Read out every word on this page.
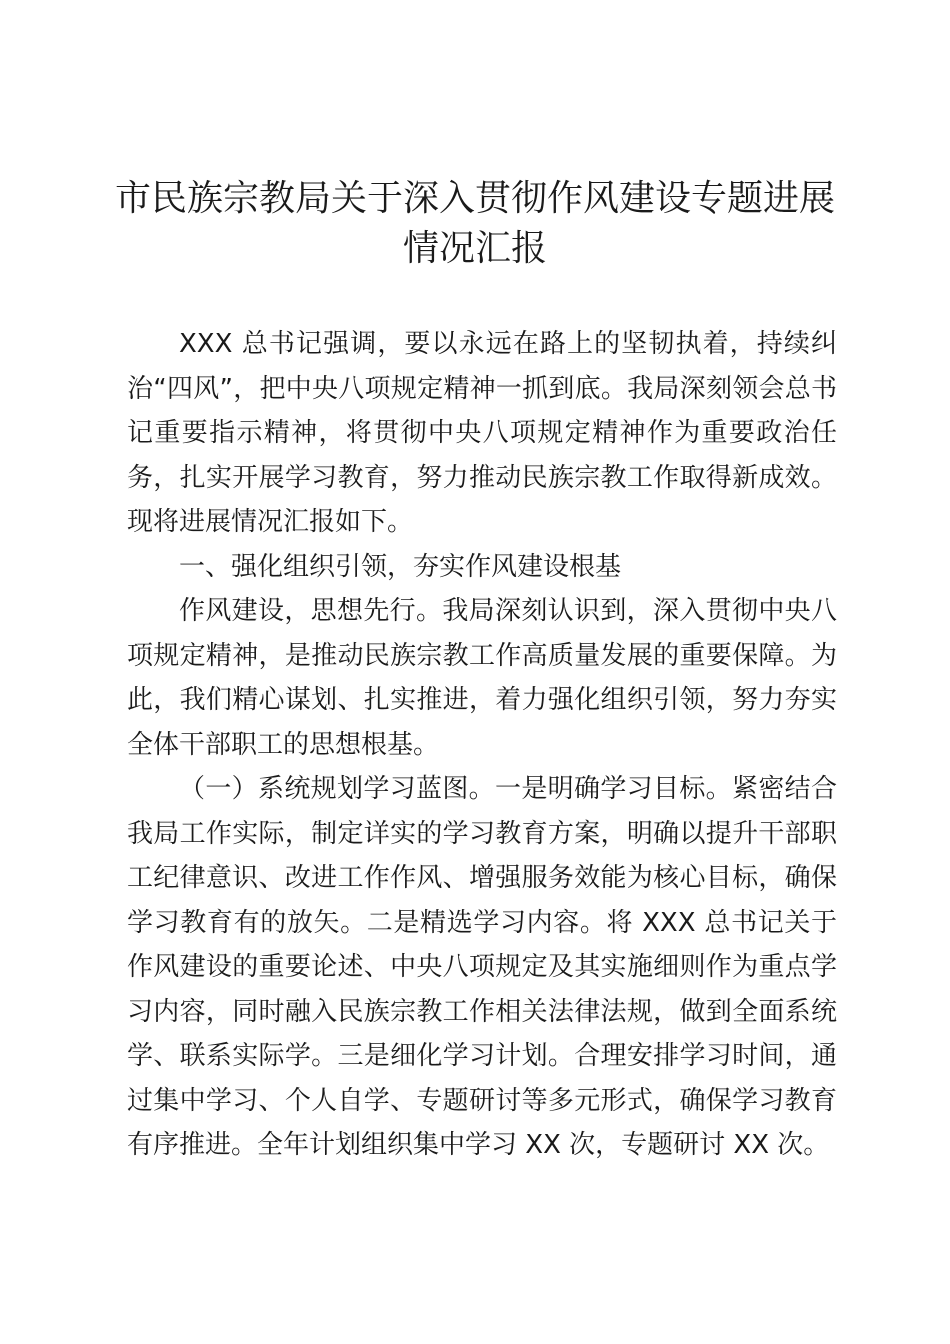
市民族宗教局关于深入贯彻作风建设专题进展
情况汇报

XXX 总书记强调，要以永远在路上的坚韧执着，持续纠治“四风”，把中央八项规定精神一抓到底。我局深刻领会总书记重要指示精神，将贯彻中央八项规定精神作为重要政治任务，扎实开展学习教育，努力推动民族宗教工作取得新成效。现将进展情况汇报如下。

一、强化组织引领，夯实作风建设根基

作风建设，思想先行。我局深刻认识到，深入贯彻中央八项规定精神，是推动民族宗教工作高质量发展的重要保障。为此，我们精心谋划、扎实推进，着力强化组织引领，努力夯实全体干部职工的思想根基。

（一）系统规划学习蓝图。一是明确学习目标。紧密结合我局工作实际，制定详实的学习教育方案，明确以提升干部职工纪律意识、改进工作作风、增强服务效能为核心目标，确保学习教育有的放矢。二是精选学习内容。将 XXX 总书记关于作风建设的重要论述、中央八项规定及其实施细则作为重点学习内容，同时融入民族宗教工作相关法律法规，做到全面系统学、联系实际学。三是细化学习计划。合理安排学习时间，通过集中学习、个人自学、专题研讨等多元形式，确保学习教育有序推进。全年计划组织集中学习 XX 次，专题研讨 XX 次。
